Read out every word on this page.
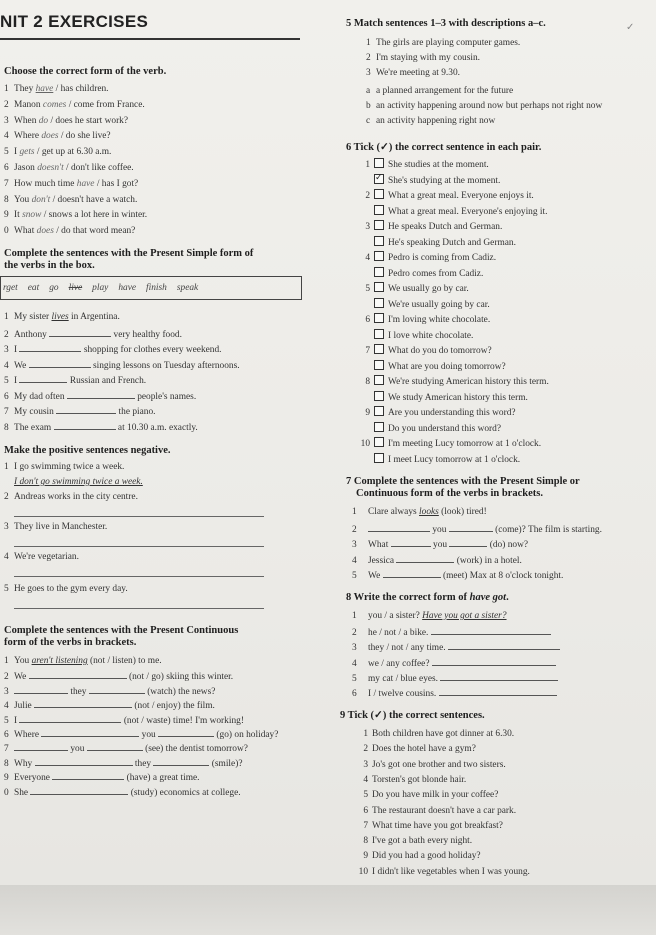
NIT 2 EXERCISES	✓
Choose the correct form of the verb.
1 They have / has children.
2 Manon comes / come from France.
3 When do / does he start work?
4 Where does / do she live?
5 I gets / get up at 6.30 a.m.
6 Jason doesn't / don't like coffee.
7 How much time have / has I got?
8 You don't / doesn't have a watch.
9 It snow / snows a lot here in winter.
0 What does / do that word mean?
Complete the sentences with the Present Simple form of
the verbs in the box.
rget eat go live play have finish speak
1 My sister lives in Argentina.
2 Anthony	very healthy food.
3 I	shopping for clothes every weekend.
4 We	singing lessons on Tuesday afternoons.
5 I	Russian and French.
6 My dad often	people's names.
7 My cousin	the piano.
8 The exam	at 10.30 a.m. exactly.
Make the positive sentences negative.
1 I go swimming twice a week.
I don't go swimming twice a week.
2 Andreas works in the city centre.
3 They live in Manchester.
4 We're vegetarian.
5 He goes to the gym every day.
Complete the sentences with the Present Continuous
form of the verbs in brackets.
1 You aren't listening (not / listen) to me.
2 We	(not / go) skiing this winter.
3	they	(watch) the news?
4 Julie	(not / enjoy) the film.
5 I	(not / waste) time! I'm working!
6 Where	you	(go) on holiday?
7	you	(see) the dentist tomorrow?
8 Why	they	(smile)?
9 Everyone	(have) a great time.
0 She	(study) economics at college.
5 Match sentences 1–3 with descriptions a–c.
1 The girls are playing computer games.
2 I'm staying with my cousin.
3 We're meeting at 9.30.
a a planned arrangement for the future
b an activity happening around now but perhaps not right now
c an activity happening right now
6 Tick (✓) the correct sentence in each pair.
1 She studies at the moment.
✓She's studying at the moment.
2 What a great meal. Everyone enjoys it.
What a great meal. Everyone's enjoying it.
3 He speaks Dutch and German.
He's speaking Dutch and German.
4 Pedro is coming from Cadiz.
Pedro comes from Cadiz.
5 We usually go by car.
We're usually going by car.
6 I'm loving white chocolate.
I love white chocolate.
7 What do you do tomorrow?
What are you doing tomorrow?
8 We're studying American history this term.
We study American history this term.
9 Are you understanding this word?
Do you understand this word?
10 I'm meeting Lucy tomorrow at 1 o'clock.
I meet Lucy tomorrow at 1 o'clock.
7 Complete the sentences with the Present Simple or
Continuous form of the verbs in brackets.
1 Clare always looks (look) tired!
2	you	(come)? The film is starting.
3 What	you	(do) now?
4 Jessica	(work) in a hotel.
5 We	(meet) Max at 8 o'clock tonight.
8 Write the correct form of have got.
1 you / a sister? Have you got a sister?
2 he / not / a bike.
3 they / not / any time.
4 we / any coffee?
5 my cat / blue eyes.
6 I / twelve cousins.
9 Tick (✓) the correct sentences.
1 Both children have got dinner at 6.30.
2 Does the hotel have a gym?
3 Jo's got one brother and two sisters.
4 Torsten's got blonde hair.
5 Do you have milk in your coffee?
6 The restaurant doesn't have a car park.
7 What time have you got breakfast?
8 I've got a bath every night.
9 Did you had a good holiday?
10 I didn't like vegetables when I was young.
